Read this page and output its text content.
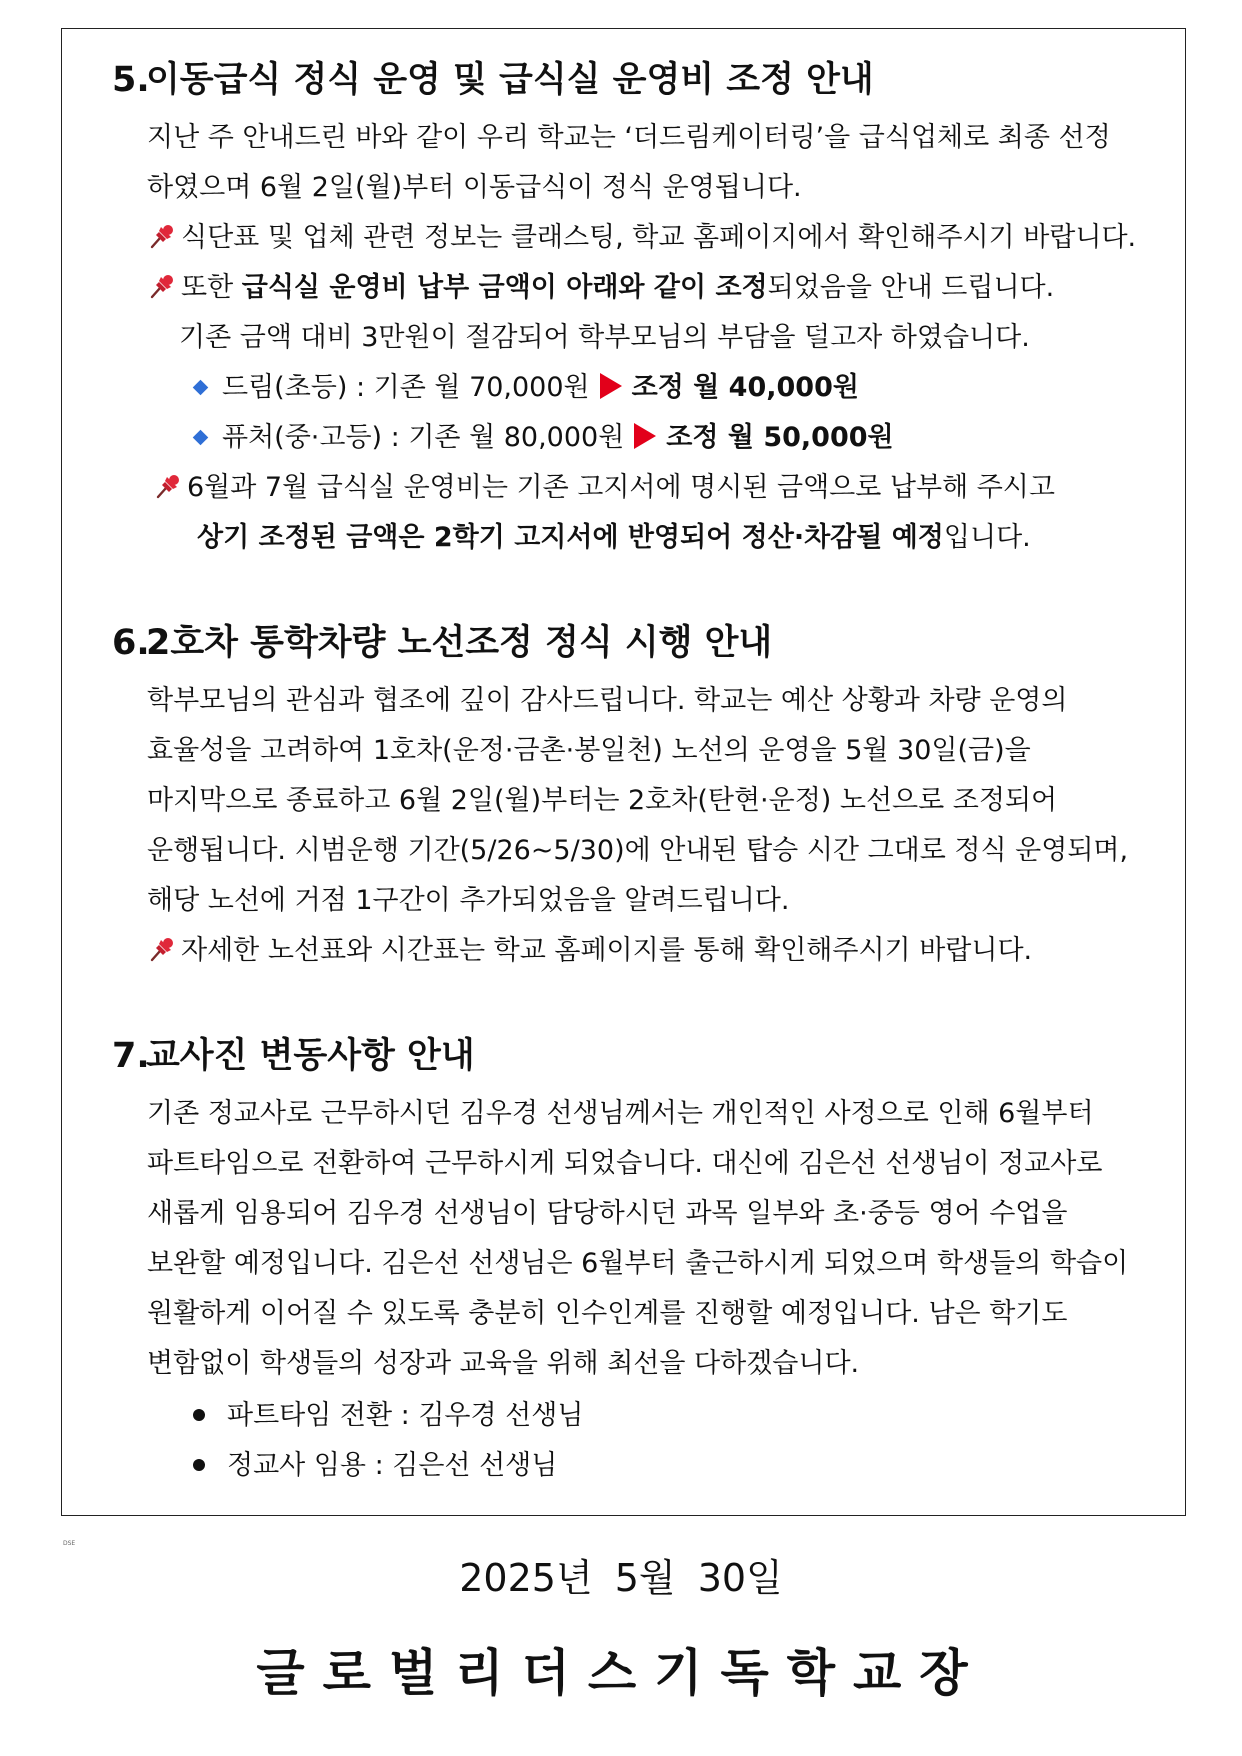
5.이동급식 정식 운영 및 급식실 운영비 조정 안내
지난 주 안내드린 바와 같이 우리 학교는 ‘더드림케이터링’을 급식업체로 최종 선정
하였으며 6월 2일(월)부터 이동급식이 정식 운영됩니다.
식단표 및 업체 관련 정보는 클래스팅, 학교 홈페이지에서 확인해주시기 바랍니다.
또한 급식실 운영비 납부 금액이 아래와 같이 조정되었음을 안내 드립니다.
기존 금액 대비 3만원이 절감되어 학부모님의 부담을 덜고자 하였습니다.
드림(초등) : 기존 월 70,000원 조정 월 40,000원
퓨처(중·고등) : 기존 월 80,000원 조정 월 50,000원
6월과 7월 급식실 운영비는 기존 고지서에 명시된 금액으로 납부해 주시고
상기 조정된 금액은 2학기 고지서에 반영되어 정산·차감될 예정입니다.
6.2호차 통학차량 노선조정 정식 시행 안내
학부모님의 관심과 협조에 깊이 감사드립니다. 학교는 예산 상황과 차량 운영의
효율성을 고려하여 1호차(운정·금촌·봉일천) 노선의 운영을 5월 30일(금)을
마지막으로 종료하고 6월 2일(월)부터는 2호차(탄현·운정) 노선으로 조정되어
운행됩니다. 시범운행 기간(5/26~5/30)에 안내된 탑승 시간 그대로 정식 운영되며,
해당 노선에 거점 1구간이 추가되었음을 알려드립니다.
자세한 노선표와 시간표는 학교 홈페이지를 통해 확인해주시기 바랍니다.
7.교사진 변동사항 안내
기존 정교사로 근무하시던 김우경 선생님께서는 개인적인 사정으로 인해 6월부터
파트타임으로 전환하여 근무하시게 되었습니다. 대신에 김은선 선생님이 정교사로
새롭게 임용되어 김우경 선생님이 담당하시던 과목 일부와 초·중등 영어 수업을
보완할 예정입니다. 김은선 선생님은 6월부터 출근하시게 되었으며 학생들의 학습이
원활하게 이어질 수 있도록 충분히 인수인계를 진행할 예정입니다. 남은 학기도
변함없이 학생들의 성장과 교육을 위해 최선을 다하겠습니다.
파트타임 전환 : 김우경 선생님
정교사 임용 : 김은선 선생님
DSE
2025년 5월 30일
글로벌리더스기독학교장
